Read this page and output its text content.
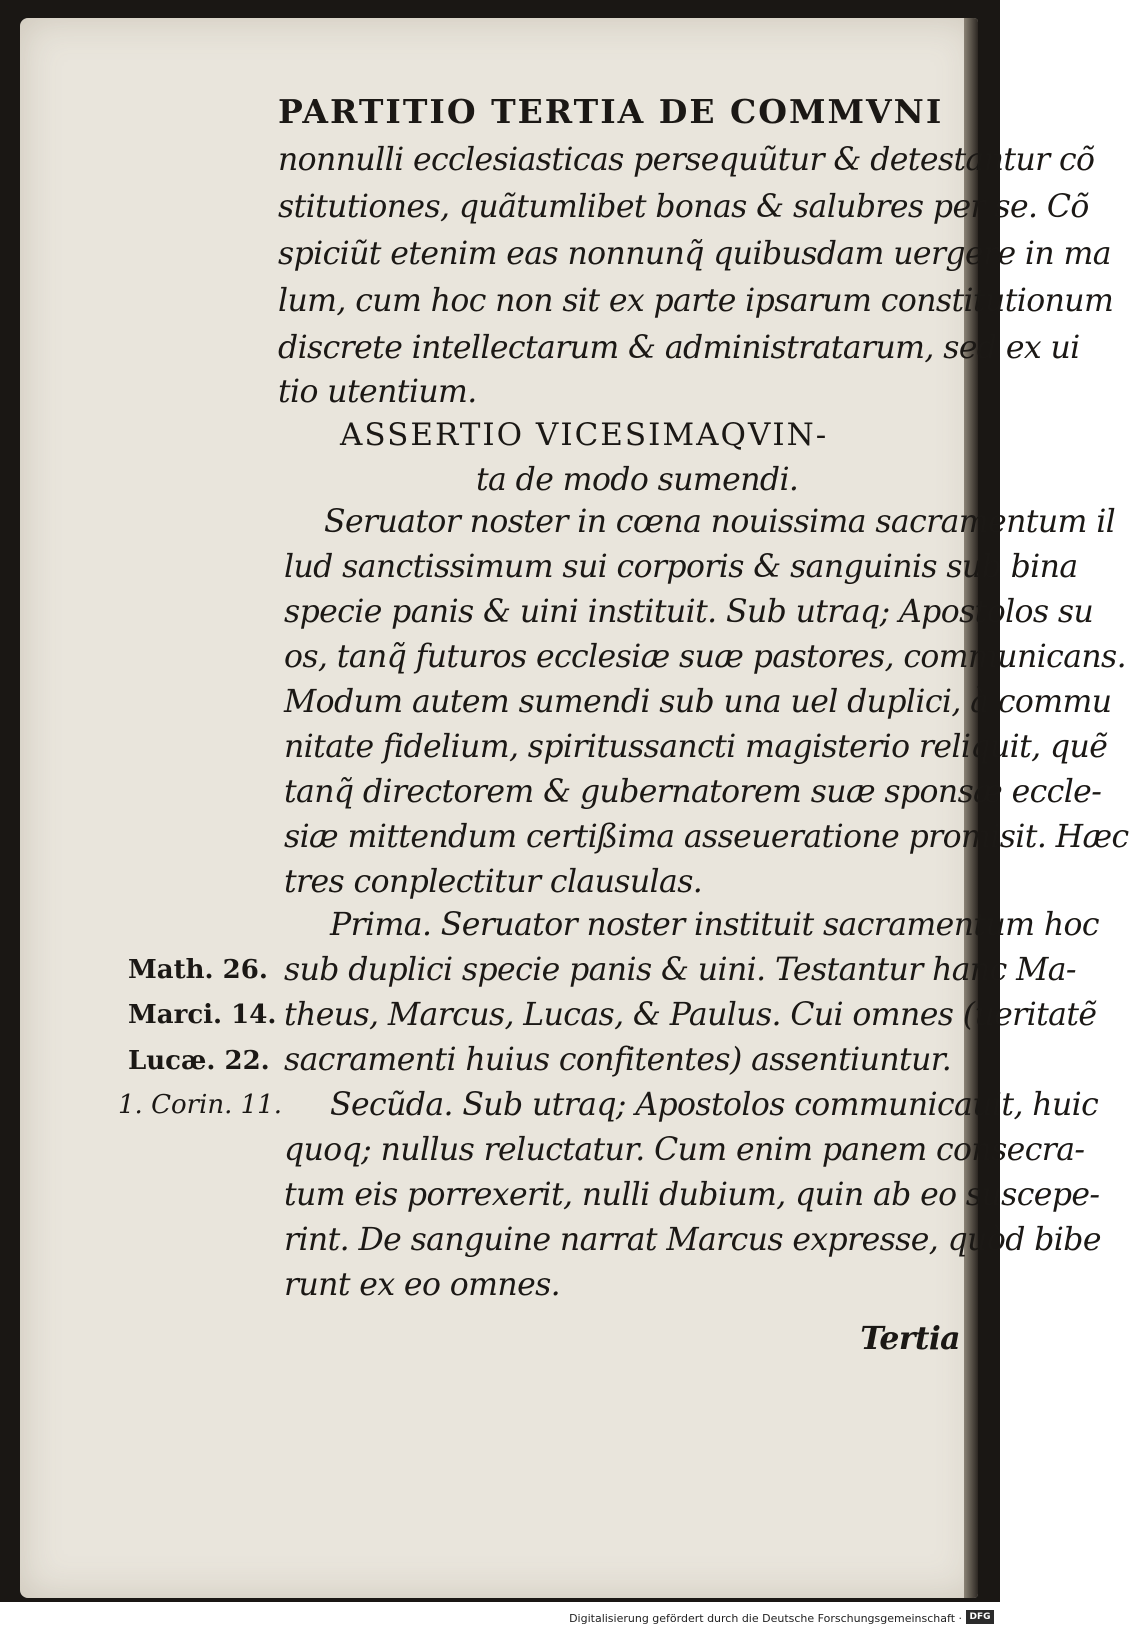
PARTITIO TERTIA DE COMMVNI
nonnulli ecclesiasticas persequũtur & detestantur cõ
stitutiones, quãtumlibet bonas & salubres per se. Cõ
spiciũt etenim eas nonnunq̃ quibusdam uergere in ma
lum, cum hoc non sit ex parte ipsarum constitutionum
discrete intellectarum & administratarum, sed ex ui
tio utentium.
ASSERTIO VICESIMAQVIN-
ta de modo sumendi.
Seruator noster in cœna nouissima sacramentum il
lud sanctissimum sui corporis & sanguinis sub bina
specie panis & uini instituit. Sub utraq; Apostolos su
os, tanq̃ futuros ecclesiæ suæ pastores, communicans.
Modum autem sumendi sub una uel duplici, à commu
nitate fidelium, spiritussancti magisterio reliquit, quẽ
tanq̃ directorem & gubernatorem suæ sponsæ eccle-
siæ mittendum certißima asseueratione promisit. Hæc
tres conplectitur clausulas.
Prima. Seruator noster instituit sacramentum hoc
sub duplici specie panis & uini. Testantur hanc Ma-
theus, Marcus, Lucas, & Paulus. Cui omnes (ueritatẽ
sacramenti huius confitentes) assentiuntur.
Secũda. Sub utraq; Apostolos communicauit, huic
quoq; nullus reluctatur. Cum enim panem consecra-
tum eis porrexerit, nulli dubium, quin ab eo suscepe-
rint. De sanguine narrat Marcus expresse, quòd bibe
runt ex eo omnes.
Tertia
Math. 26.
Marci. 14.
Lucæ. 22.
1. Corin. 11.
Digitalisierung gefördert durch die Deutsche Forschungsgemeinschaft · DFG
